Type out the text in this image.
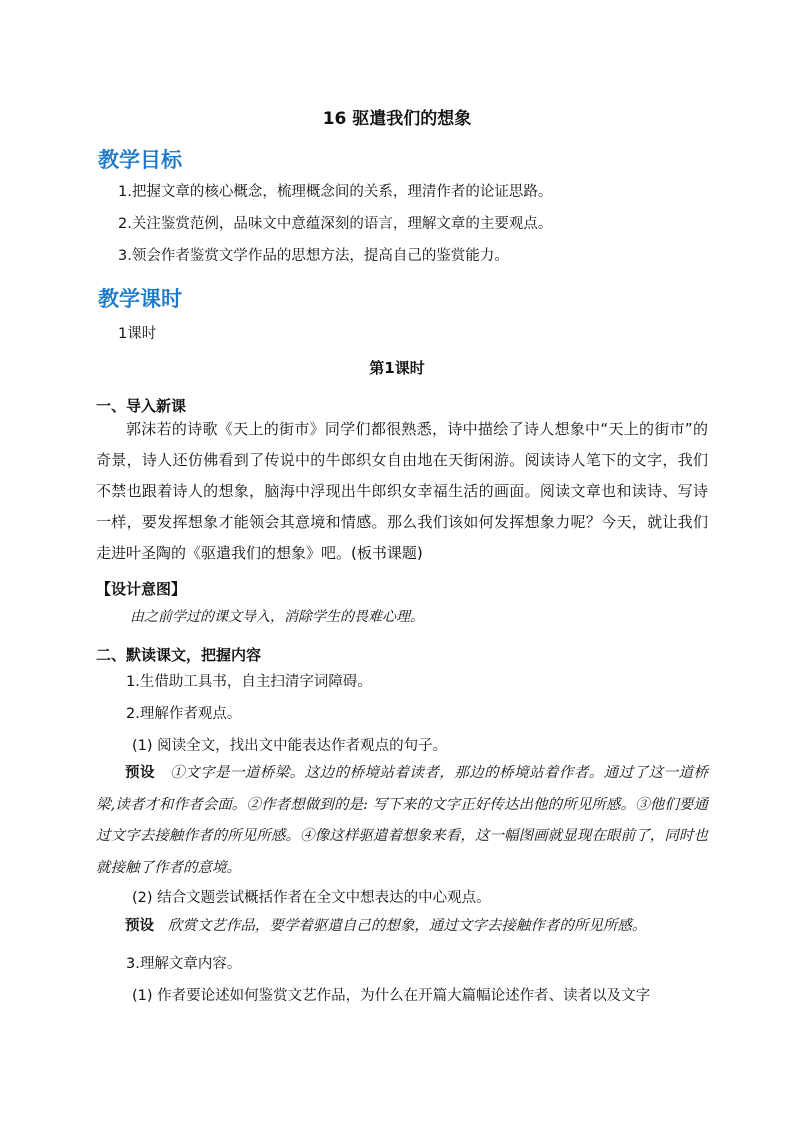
16 驱遣我们的想象
教学目标
1.把握文章的核心概念，梳理概念间的关系，理清作者的论证思路。
2.关注鉴赏范例，品味文中意蕴深刻的语言，理解文章的主要观点。
3.领会作者鉴赏文学作品的思想方法，提高自己的鉴赏能力。
教学课时
1课时
第1课时
一、导入新课

郭沫若的诗歌《天上的街市》同学们都很熟悉，诗中描绘了诗人想象中“天上的街市”的奇景，诗人还仿佛看到了传说中的牛郎织女自由地在天街闲游。阅读诗人笔下的文字，我们不禁也跟着诗人的想象，脑海中浮现出牛郎织女幸福生活的画面。阅读文章也和读诗、写诗一样，要发挥想象才能领会其意境和情感。那么我们该如何发挥想象力呢？今天，就让我们走进叶圣陶的《驱遣我们的想象》吧。(板书课题)

【设计意图】
由之前学过的课文导入，消除学生的畏难心理。
二、默读课文，把握内容
1.生借助工具书，自主扫清字词障碍。
2.理解作者观点。
(1) 阅读全文，找出文中能表达作者观点的句子。

预设 ①文字是一道桥梁。这边的桥境站着读者，那边的桥境站着作者。通过了这一道桥梁,读者才和作者会面。②作者想做到的是: 写下来的文字正好传达出他的所见所感。③他们要通过文字去接触作者的所见所感。④像这样驱遣着想象来看，这一幅图画就显现在眼前了，同时也就接触了作者的意境。

(2) 结合文题尝试概括作者在全文中想表达的中心观点。

预设 欣赏文艺作品，要学着驱遣自己的想象，通过文字去接触作者的所见所感。

3.理解文章内容。
(1) 作者要论述如何鉴赏文艺作品，为什么在开篇大篇幅论述作者、读者以及文字
